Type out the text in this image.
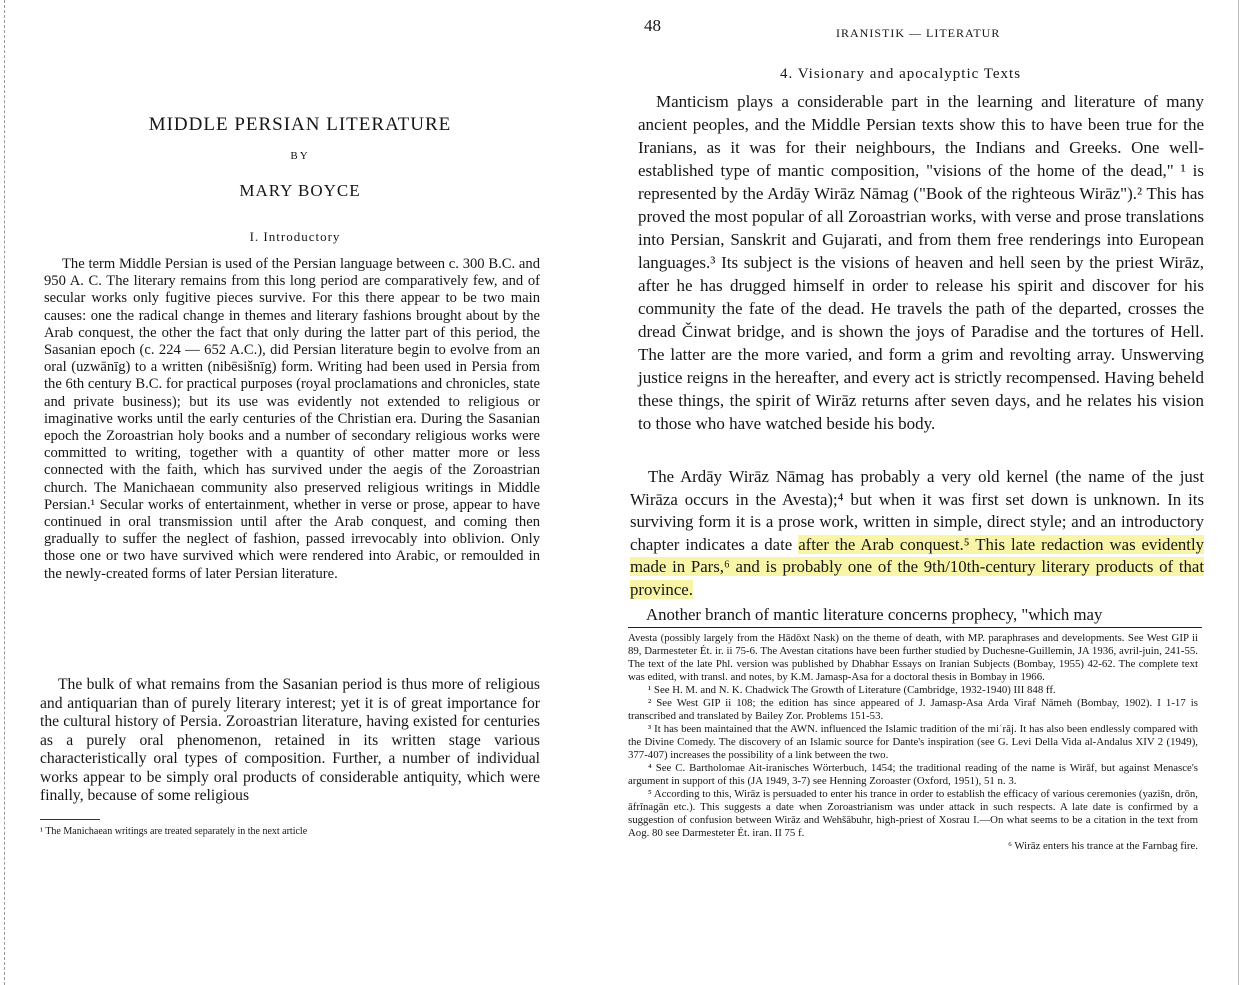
MIDDLE PERSIAN LITERATURE
BY
MARY BOYCE
I. Introductory

The term Middle Persian is used of the Persian language between c. 300 B.C. and 950 A. C. The literary remains from this long period are comparatively few, and of secular works only fugitive pieces survive. For this there appear to be two main causes: one the radical change in themes and literary fashions brought about by the Arab conquest, the other the fact that only during the latter part of this period, the Sasanian epoch (c. 224 — 652 A.C.), did Persian literature begin to evolve from an oral (uzwānīg) to a written (nibēsišnīg) form. Writing had been used in Persia from the 6th century B.C. for practical purposes (royal proclamations and chronicles, state and private business); but its use was evidently not extended to religious or imaginative works until the early centuries of the Christian era. During the Sasanian epoch the Zoroastrian holy books and a number of secondary religious works were committed to writing, together with a quantity of other matter more or less connected with the faith, which has survived under the aegis of the Zoroastrian church. The Manichaean community also preserved religious writings in Middle Persian.¹ Secular works of entertainment, whether in verse or prose, appear to have continued in oral transmission until after the Arab conquest, and coming then gradually to suffer the neglect of fashion, passed irrevocably into oblivion. Only those one or two have survived which were rendered into Arabic, or remoulded in the newly-created forms of later Persian literature.

The bulk of what remains from the Sasanian period is thus more of religious and antiquarian than of purely literary interest; yet it is of great importance for the cultural history of Persia. Zoroastrian literature, having existed for centuries as a purely oral phenomenon, retained in its written stage various characteristically oral types of composition. Further, a number of individual works appear to be simply oral products of considerable antiquity, which were finally, because of some religious

¹ The Manichaean writings are treated separately in the next article
48	IRANISTIK — LITERATUR
4. Visionary and apocalyptic Texts

Manticism plays a considerable part in the learning and literature of many ancient peoples, and the Middle Persian texts show this to have been true for the Iranians, as it was for their neighbours, the Indians and Greeks. One well-established type of mantic composition, "visions of the home of the dead," ¹ is represented by the Ardāy Wirāz Nāmag ("Book of the righteous Wirāz").² This has proved the most popular of all Zoroastrian works, with verse and prose translations into Persian, Sanskrit and Gujarati, and from them free renderings into European languages.³ Its subject is the visions of heaven and hell seen by the priest Wirāz, after he has drugged himself in order to release his spirit and discover for his community the fate of the dead. He travels the path of the departed, crosses the dread Činwat bridge, and is shown the joys of Paradise and the tortures of Hell. The latter are the more varied, and form a grim and revolting array. Unswerving justice reigns in the hereafter, and every act is strictly recompensed. Having beheld these things, the spirit of Wirāz returns after seven days, and he relates his vision to those who have watched beside his body.

The Ardāy Wirāz Nāmag has probably a very old kernel (the name of the just Wirāza occurs in the Avesta);⁴ but when it was first set down is unknown. In its surviving form it is a prose work, written in simple, direct style; and an introductory chapter indicates a date after the Arab conquest.⁵ This late redaction was evidently made in Pars,⁶ and is probably one of the 9th/10th-century literary products of that province.

Another branch of mantic literature concerns prophecy, "which may

Avesta (possibly largely from the Hādōxt Nask) on the theme of death, with MP. paraphrases and developments. See West GIP ii 89, Darmesteter Ét. ir. ii 75-6. The Avestan citations have been further studied by Duchesne-Guillemin, JA 1936, avril-juin, 241-55. The text of the late Phl. version was published by Dhabhar Essays on Iranian Subjects (Bombay, 1955) 42-62. The complete text was edited, with transl. and notes, by K.M. Jamasp-Asa for a doctoral thesis in Bombay in 1966.

¹ See H. M. and N. K. Chadwick The Growth of Literature (Cambridge, 1932-1940) III 848 ff.

² See West GIP ii 108; the edition has since appeared of J. Jamasp-Asa Arda Viraf Nāmeh (Bombay, 1902). I 1-17 is transcribed and translated by Bailey Zor. Problems 151-53.

³ It has been maintained that the AWN. influenced the Islamic tradition of the miʿrāj. It has also been endlessly compared with the Divine Comedy. The discovery of an Islamic source for Dante's inspiration (see G. Levi Della Vida al-Andalus XIV 2 (1949), 377-407) increases the possibility of a link between the two.

⁴ See C. Bartholomae Ait-iranisches Wörterbuch, 1454; the traditional reading of the name is Wirāf, but against Menasce's argument in support of this (JA 1949, 3-7) see Henning Zoroaster (Oxford, 1951), 51 n. 3.

⁵ According to this, Wirāz is persuaded to enter his trance in order to establish the efficacy of various ceremonies (yazišn, drōn, āfrīnagān etc.). This suggests a date when Zoroastrianism was under attack in such respects. A late date is confirmed by a suggestion of confusion between Wirāz and Wehšābuhr, high-priest of Xosrau I.—On what seems to be a citation in the text from Aog. 80 see Darmesteter Ét. iran. II 75 f.

⁶ Wirāz enters his trance at the Farnbag fire.
